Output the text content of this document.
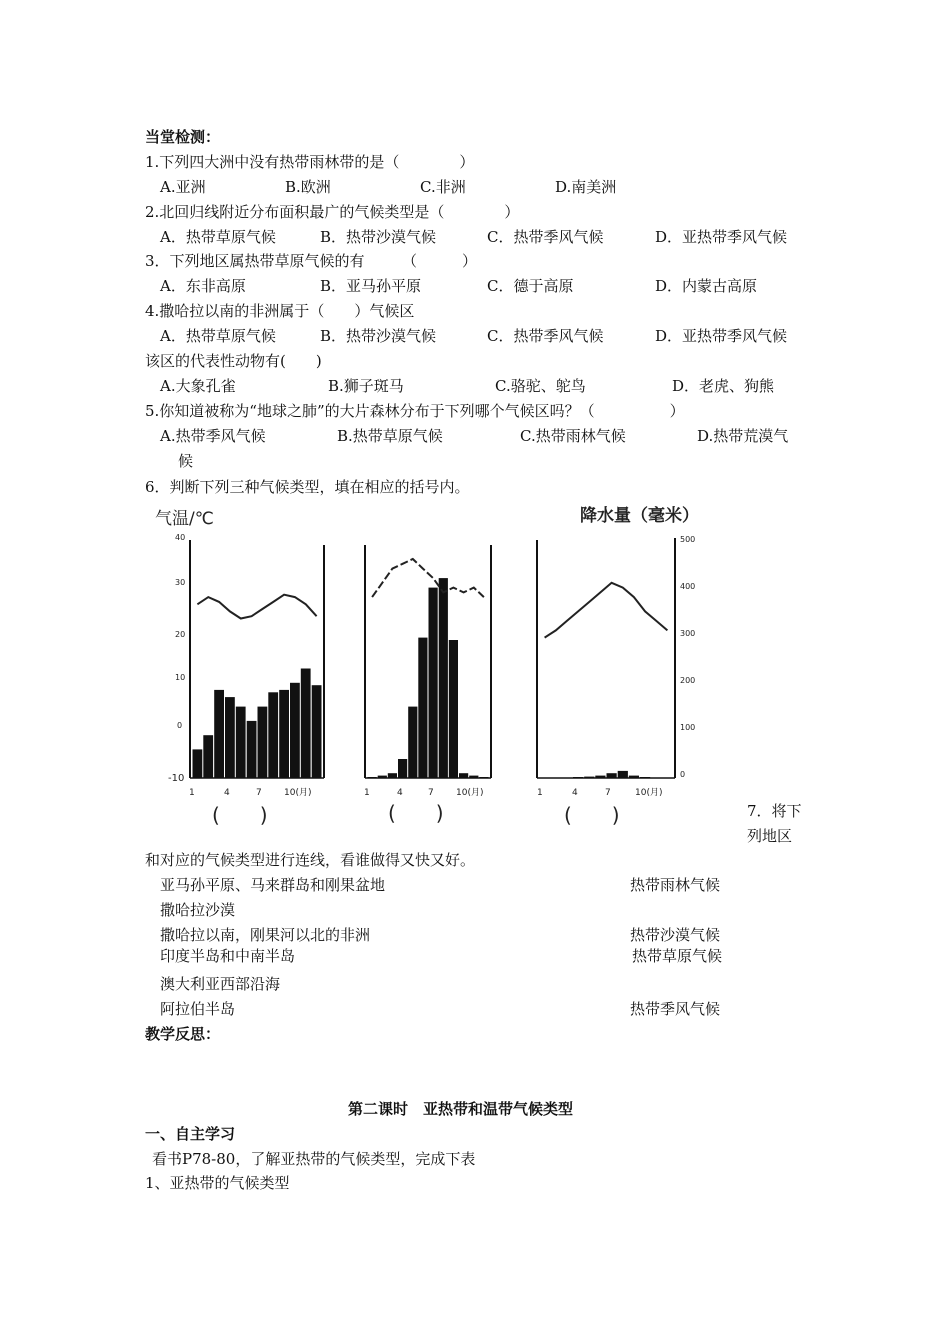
当堂检测：
1.下列四大洲中没有热带雨林带的是（　　　　）
A.亚洲	B.欧洲	C.非洲	D.南美洲
2.北回归线附近分布面积最广的气候类型是（　　　　）
A．热带草原气候	B．热带沙漠气候	C．热带季风气候	D．亚热带季风气候
3．下列地区属热带草原气候的有　　　（　　　）
A．东非高原	B．亚马孙平原	C．德于高原	D．内蒙古高原
4.撒哈拉以南的非洲属于（　　）气候区
A．热带草原气候	B．热带沙漠气候	C．热带季风气候	D．亚热带季风气候
该区的代表性动物有(　　)
A.大象孔雀	B.狮子斑马	C.骆驼、鸵鸟	D．老虎、狗熊
5.你知道被称为“地球之肺”的大片森林分布于下列哪个气候区吗？（　　　　　）
A.热带季风气候	B.热带草原气候	C.热带雨林气候	D.热带荒漠气
候
6．判断下列三种气候类型，填在相应的括号内。
气温/℃	降水量（毫米）
40
30
20
10
0
-10
500
400
300
200
100
0
1	4	7 10(月)	1	4	7 10(月)	1	4	7	10(月)
(　　)	(　　)	(　　)	7．将下
列地区
和对应的气候类型进行连线，看谁做得又快又好。
亚马孙平原、马来群岛和刚果盆地
撒哈拉沙漠
撒哈拉以南，刚果河以北的非洲
印度半岛和中南半岛
澳大利亚西部沿海
阿拉伯半岛
热带雨林气候
热带沙漠气候
热带草原气候
热带季风气候
教学反思：
第二课时　亚热带和温带气候类型
一、自主学习
看书P78-80，了解亚热带的气候类型，完成下表
1、亚热带的气候类型
